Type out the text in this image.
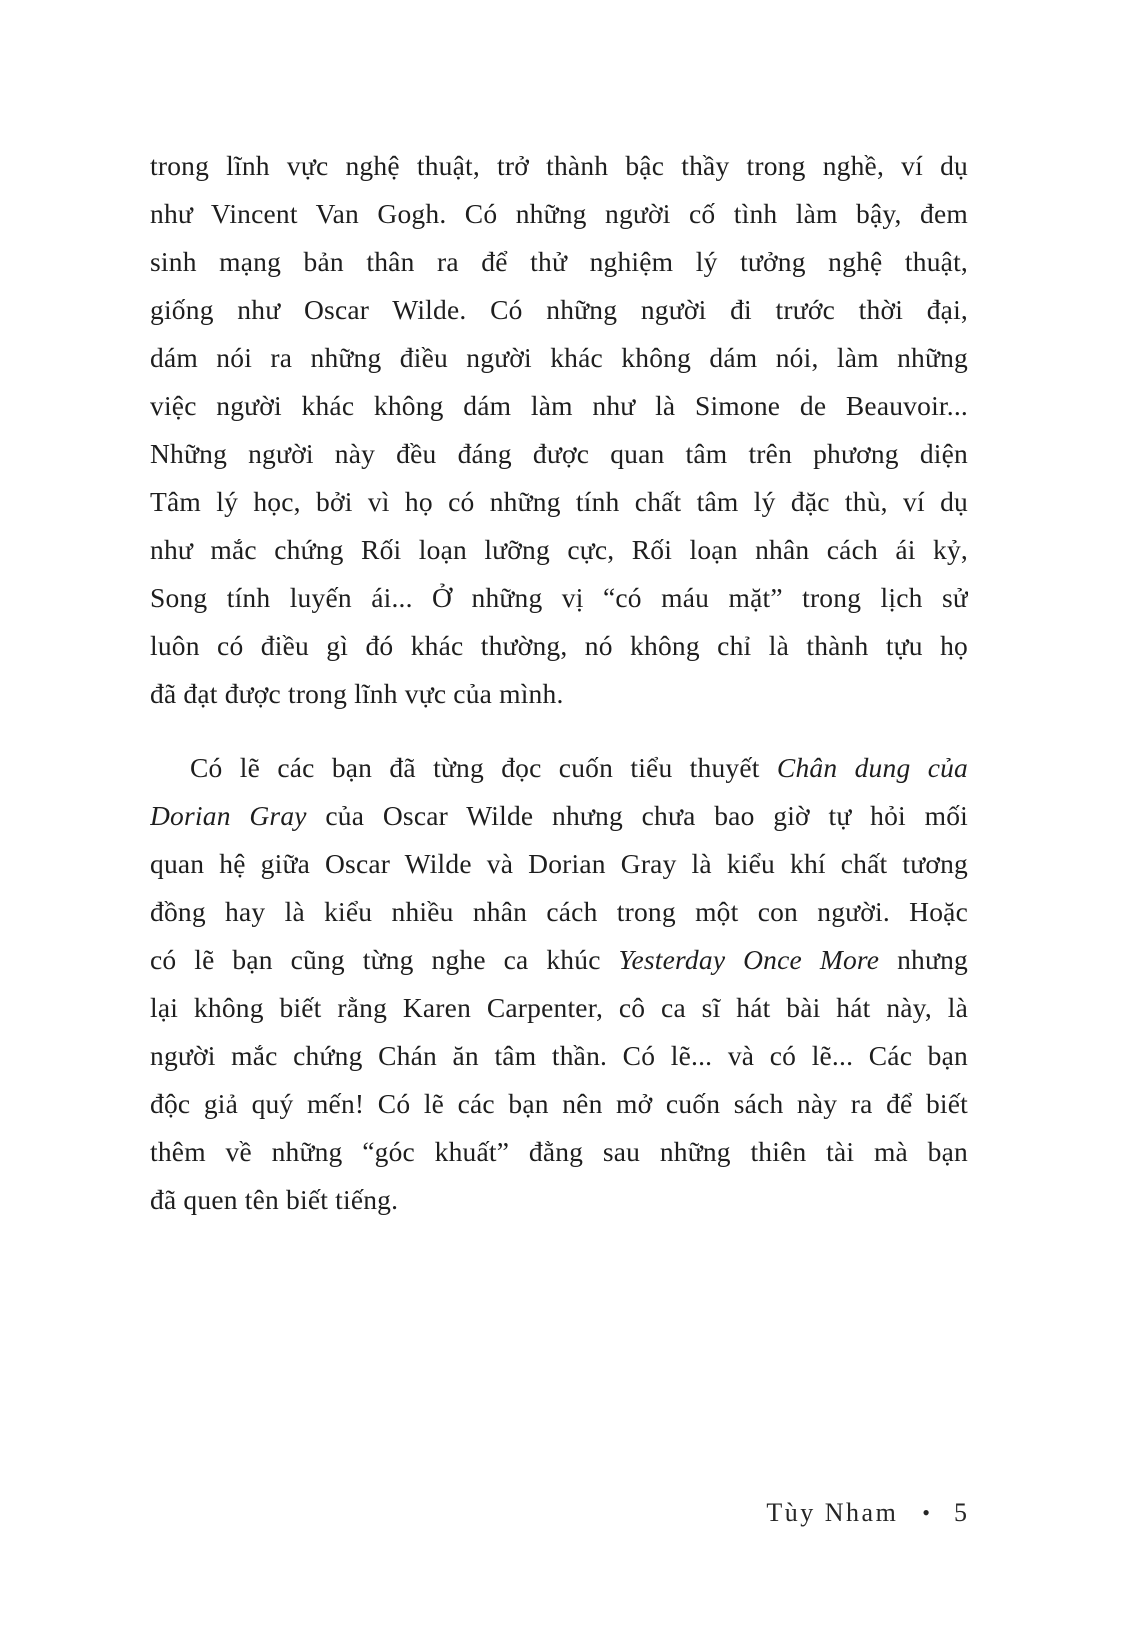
trong lĩnh vực nghệ thuật, trở thành bậc thầy trong nghề, ví dụ
như Vincent Van Gogh. Có những người cố tình làm bậy, đem
sinh mạng bản thân ra để thử nghiệm lý tưởng nghệ thuật,
giống như Oscar Wilde. Có những người đi trước thời đại,
dám nói ra những điều người khác không dám nói, làm những
việc người khác không dám làm như là Simone de Beauvoir...
Những người này đều đáng được quan tâm trên phương diện
Tâm lý học, bởi vì họ có những tính chất tâm lý đặc thù, ví dụ
như mắc chứng Rối loạn lưỡng cực, Rối loạn nhân cách ái kỷ,
Song tính luyến ái... Ở những vị “có máu mặt” trong lịch sử
luôn có điều gì đó khác thường, nó không chỉ là thành tựu họ
đã đạt được trong lĩnh vực của mình.
Có lẽ các bạn đã từng đọc cuốn tiểu thuyết Chân dung của
Dorian Gray của Oscar Wilde nhưng chưa bao giờ tự hỏi mối
quan hệ giữa Oscar Wilde và Dorian Gray là kiểu khí chất tương
đồng hay là kiểu nhiều nhân cách trong một con người. Hoặc
có lẽ bạn cũng từng nghe ca khúc Yesterday Once More nhưng
lại không biết rằng Karen Carpenter, cô ca sĩ hát bài hát này, là
người mắc chứng Chán ăn tâm thần. Có lẽ... và có lẽ... Các bạn
độc giả quý mến! Có lẽ các bạn nên mở cuốn sách này ra để biết
thêm về những “góc khuất” đằng sau những thiên tài mà bạn
đã quen tên biết tiếng.
Tùy Nham • 5
